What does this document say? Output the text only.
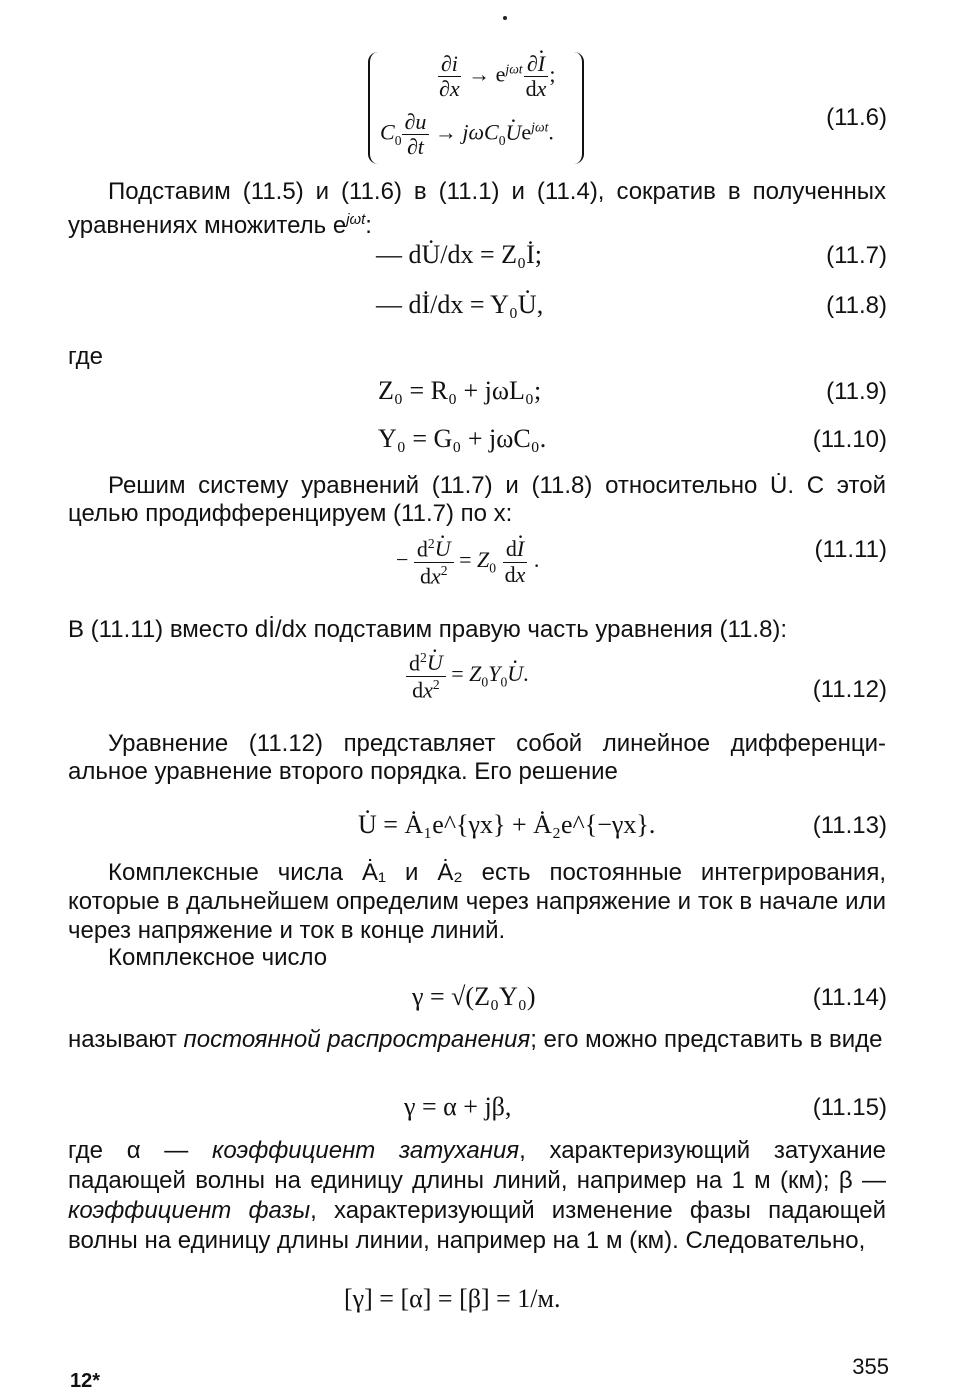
$\frac{\partial i}{\partial x} \to e^{j\omega t} \frac{\partial\cdot I}{dx}$ ;
$C_0 \frac{\partial u}{\partial t} \to j\omega C_0\cdot Ue^{j\omega t}$.
(11.6)

Подставим (11.5) и (11.6) в (11.1) и (11.4), сократив в полученных

уравнениях множитель $e^{j\omega t}$:

— dU̇/dx = Z₀İ;	(11.7)
— dİ/dx = Y₀U̇,	(11.8)

где

Z₀ = R₀ + jωL₀;	(11.9)
Y₀ = G₀ + jωC₀.	(11.10)

Решим систему уравнений (11.7) и (11.8) относительно U̇. С этой

целью продифференцируем (11.7) по x:

− $\frac{d^2\cdot U}{dx^2} = Z_0 \frac{d\cdot I}{dx}$ .	(11.11)

В (11.11) вместо dİ/dx подставим правую часть уравнения (11.8):

$\frac{d^2\cdot U}{dx^2} = Z_0Y_0\cdot U$.
(11.12)

Уравнение (11.12) представляет собой линейное дифференци-

альное уравнение второго порядка. Его решение

U̇ = Ȧ₁e^{γx} + Ȧ₂e^{−γx}.	(11.13)

Комплексные числа Ȧ₁ и Ȧ₂ есть постоянные интегрирования, которые в дальнейшем определим через напряжение и ток в начале или через напряжение и ток в конце линий.

Комплексное число

γ = √(Z₀Y₀)	(11.14)

называют постоянной распространения; его можно представить в виде

γ = α + jβ,	(11.15)

где α — коэффициент затухания, характеризующий затухание падающей волны на единицу длины линий, например на 1 м (км); β — коэффициент фазы, характеризующий изменение фазы падающей волны на единицу длины линии, например на 1 м (км). Следовательно,

[γ] = [α] = [β] = 1/м.
12*
355
